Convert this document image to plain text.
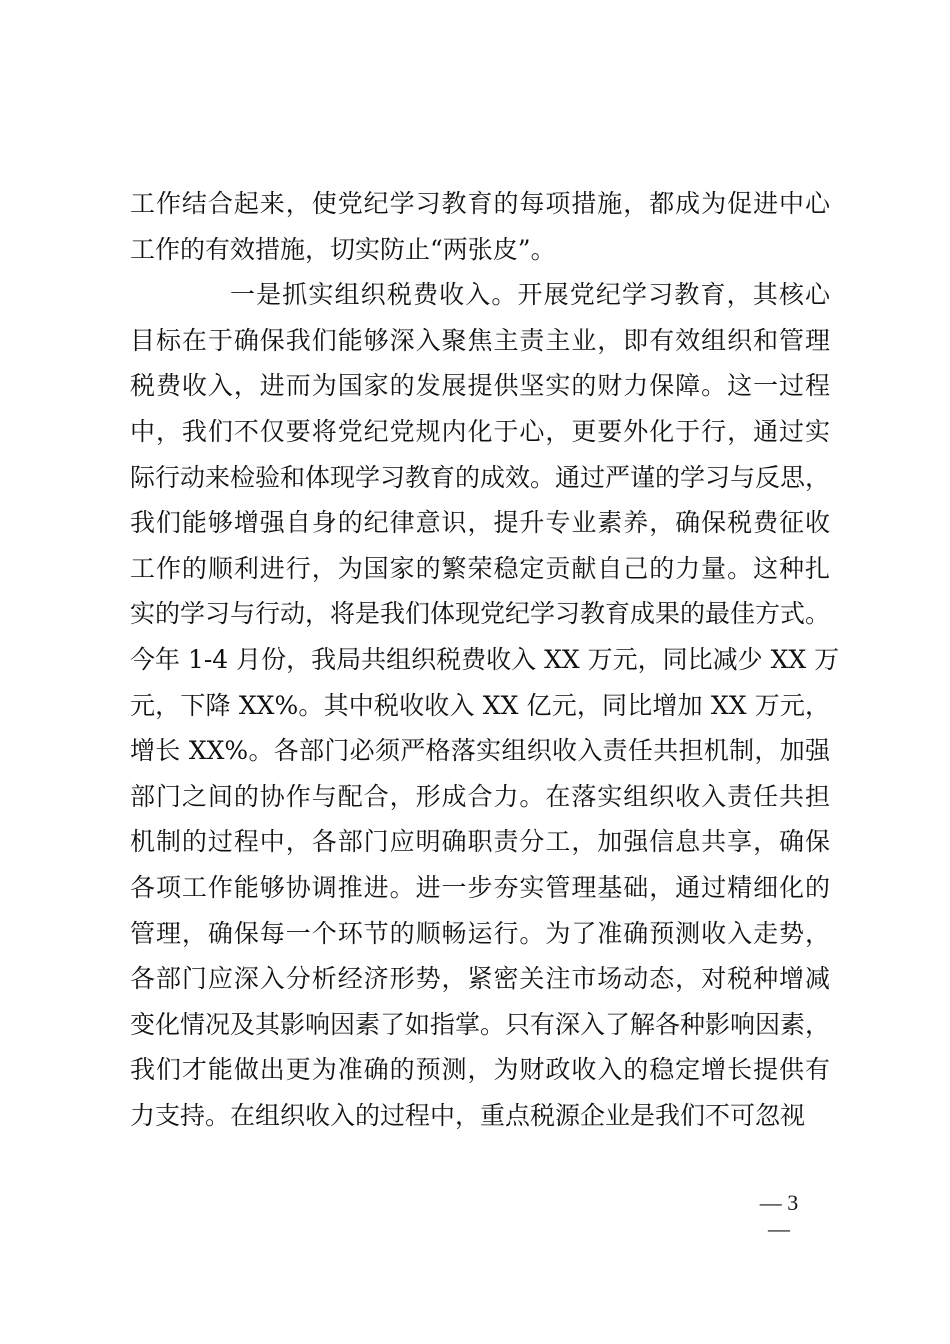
工作结合起来，使党纪学习教育的每项措施，都成为促进中心
工作的有效措施，切实防止“两张皮”。
一是抓实组织税费收入。开展党纪学习教育，其核心
目标在于确保我们能够深入聚焦主责主业，即有效组织和管理
税费收入，进而为国家的发展提供坚实的财力保障。这一过程
中，我们不仅要将党纪党规内化于心，更要外化于行，通过实
际行动来检验和体现学习教育的成效。通过严谨的学习与反思，
我们能够增强自身的纪律意识，提升专业素养，确保税费征收
工作的顺利进行，为国家的繁荣稳定贡献自己的力量。这种扎
实的学习与行动，将是我们体现党纪学习教育成果的最佳方式。
今年 1-4 月份，我局共组织税费收入 XX 万元，同比减少 XX 万
元，下降 XX%。其中税收收入 XX 亿元，同比增加 XX 万元，
增长 XX%。各部门必须严格落实组织收入责任共担机制，加强
部门之间的协作与配合，形成合力。在落实组织收入责任共担
机制的过程中，各部门应明确职责分工，加强信息共享，确保
各项工作能够协调推进。进一步夯实管理基础，通过精细化的
管理，确保每一个环节的顺畅运行。为了准确预测收入走势，
各部门应深入分析经济形势，紧密关注市场动态，对税种增减
变化情况及其影响因素了如指掌。只有深入了解各种影响因素，
我们才能做出更为准确的预测，为财政收入的稳定增长提供有
力支持。在组织收入的过程中，重点税源企业是我们不可忽视
— 3 —
